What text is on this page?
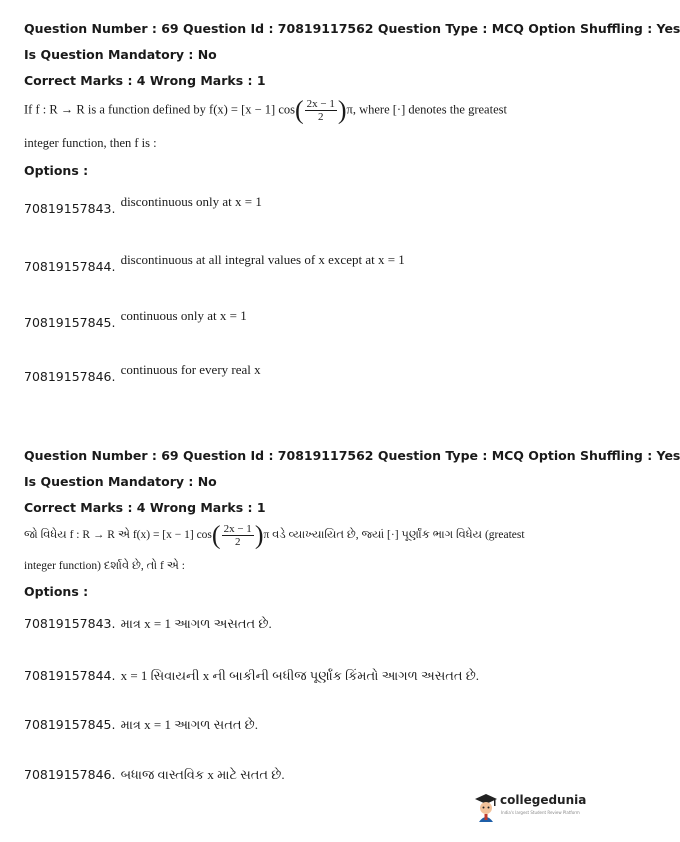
Question Number : 69 Question Id : 70819117562 Question Type : MCQ Option Shuffling : Yes
Is Question Mandatory : No
Correct Marks : 4 Wrong Marks : 1
If f : R → R is a function defined by f(x) = [x − 1] $\cos( \frac{2x - 1}{2} )\pi$, where [·] denotes the greatest
integer function, then f is :
Options :
70819157843. $^{discontinuous only at x = 1}$
70819157844. $^{discontinuous at all integral values of x except at x = 1}$
70819157845. $^{continuous only at x = 1}$
70819157846. $^{continuous for every real x}$
Question Number : 69 Question Id : 70819117562 Question Type : MCQ Option Shuffling : Yes
Is Question Mandatory : No
Correct Marks : 4 Wrong Marks : 1
જો વિધેય f : R → R એ f(x) = [x − 1] $\cos( \frac{2x - 1}{2} )\pi$ વડે વ્યાખ્યાયિત છે, જ્યાં [·] પૂર્ણાંક ભાગ વિધેય (greatest
integer function) દર્શાવે છે, તો f એ :
Options :
70819157843. માત્ર x = 1 આગળ અસતત છે.
70819157844. x = 1 સિવાયની x ની બાકીની બધીજ પૂર્ણાંક કિંમતો આગળ અસતત છે.
70819157845. માત્ર x = 1 આગળ સતત છે.
70819157846. બધાજ વાસ્તવિક x માટે સતત છે.
collegedunia
India's largest Student Review Platform
